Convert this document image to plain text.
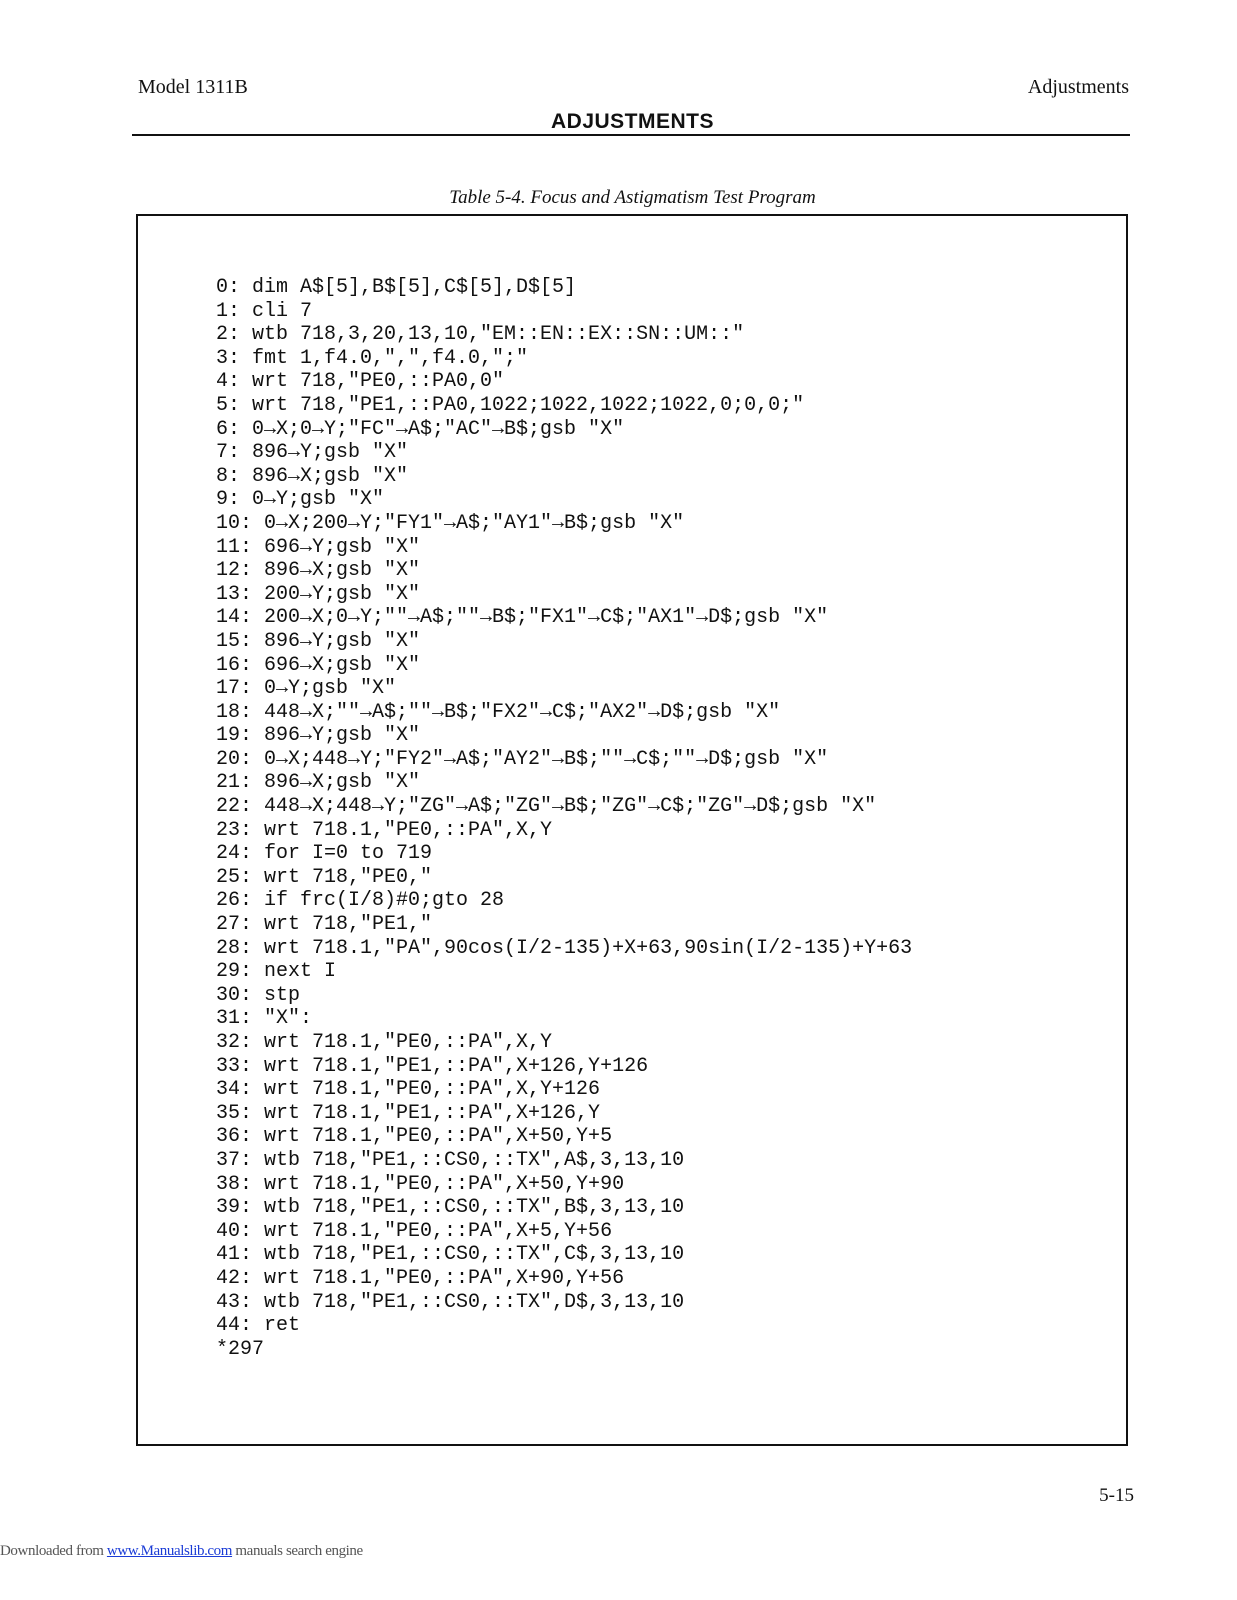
Model 1311B	Adjustments
ADJUSTMENTS
Table 5-4. Focus and Astigmatism Test Program
0: dim A$[5],B$[5],C$[5],D$[5]
1: cli 7
2: wtb 718,3,20,13,10,"EM::EN::EX::SN::UM::"
3: fmt 1,f4.0,",",f4.0,";"
4: wrt 718,"PE0,::PA0,0"
5: wrt 718,"PE1,::PA0,1022;1022,1022;1022,0;0,0;"
6: 0→X;0→Y;"FC"→A$;"AC"→B$;gsb "X"
7: 896→Y;gsb "X"
8: 896→X;gsb "X"
9: 0→Y;gsb "X"
10: 0→X;200→Y;"FY1"→A$;"AY1"→B$;gsb "X"
11: 696→Y;gsb "X"
12: 896→X;gsb "X"
13: 200→Y;gsb "X"
14: 200→X;0→Y;""→A$;""→B$;"FX1"→C$;"AX1"→D$;gsb "X"
15: 896→Y;gsb "X"
16: 696→X;gsb "X"
17: 0→Y;gsb "X"
18: 448→X;""→A$;""→B$;"FX2"→C$;"AX2"→D$;gsb "X"
19: 896→Y;gsb "X"
20: 0→X;448→Y;"FY2"→A$;"AY2"→B$;""→C$;""→D$;gsb "X"
21: 896→X;gsb "X"
22: 448→X;448→Y;"ZG"→A$;"ZG"→B$;"ZG"→C$;"ZG"→D$;gsb "X"
23: wrt 718.1,"PE0,::PA",X,Y
24: for I=0 to 719
25: wrt 718,"PE0,"
26: if frc(I/8)#0;gto 28
27: wrt 718,"PE1,"
28: wrt 718.1,"PA",90cos(I/2-135)+X+63,90sin(I/2-135)+Y+63
29: next I
30: stp
31: "X":
32: wrt 718.1,"PE0,::PA",X,Y
33: wrt 718.1,"PE1,::PA",X+126,Y+126
34: wrt 718.1,"PE0,::PA",X,Y+126
35: wrt 718.1,"PE1,::PA",X+126,Y
36: wrt 718.1,"PE0,::PA",X+50,Y+5
37: wtb 718,"PE1,::CS0,::TX",A$,3,13,10
38: wrt 718.1,"PE0,::PA",X+50,Y+90
39: wtb 718,"PE1,::CS0,::TX",B$,3,13,10
40: wrt 718.1,"PE0,::PA",X+5,Y+56
41: wtb 718,"PE1,::CS0,::TX",C$,3,13,10
42: wrt 718.1,"PE0,::PA",X+90,Y+56
43: wtb 718,"PE1,::CS0,::TX",D$,3,13,10
44: ret
*297
5-15
Downloaded from www.Manualslib.com manuals search engine
